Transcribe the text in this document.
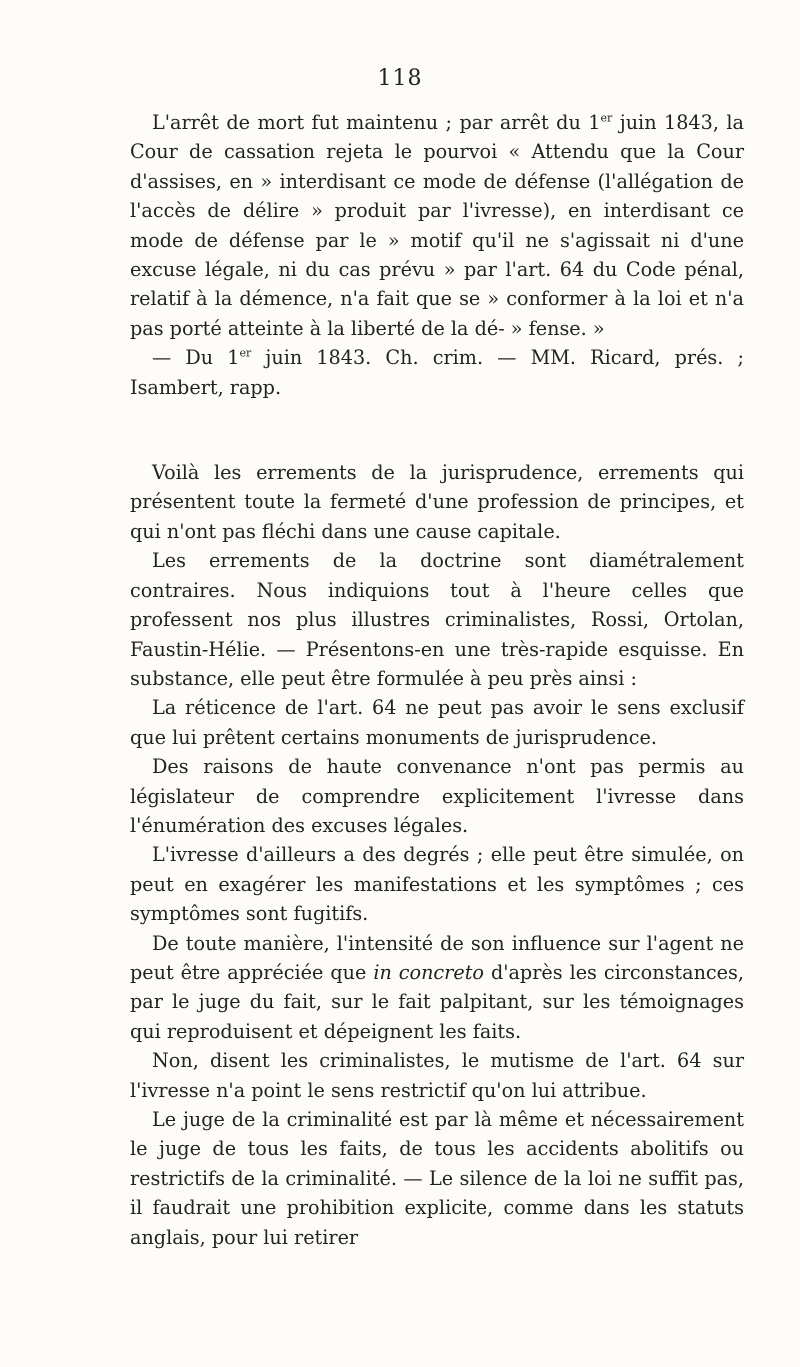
118

L'arrêt de mort fut maintenu ; par arrêt du 1er juin 1843, la Cour de cassation rejeta le pourvoi « Attendu que la Cour d'assises, en » interdisant ce mode de défense (l'allégation de l'accès de délire » produit par l'ivresse), en interdisant ce mode de défense par le » motif qu'il ne s'agissait ni d'une excuse légale, ni du cas prévu » par l'art. 64 du Code pénal, relatif à la démence, n'a fait que se » conformer à la loi et n'a pas porté atteinte à la liberté de la dé- » fense. »

— Du 1er juin 1843. Ch. crim. — MM. Ricard, prés. ; Isambert, rapp.

Voilà les errements de la jurisprudence, errements qui présentent toute la fermeté d'une profession de principes, et qui n'ont pas fléchi dans une cause capitale.

Les errements de la doctrine sont diamétralement contraires. Nous indiquions tout à l'heure celles que professent nos plus illustres criminalistes, Rossi, Ortolan, Faustin-Hélie. — Présentons-en une très-rapide esquisse. En substance, elle peut être formulée à peu près ainsi :

La réticence de l'art. 64 ne peut pas avoir le sens exclusif que lui prêtent certains monuments de jurisprudence.

Des raisons de haute convenance n'ont pas permis au législateur de comprendre explicitement l'ivresse dans l'énumération des excuses légales.

L'ivresse d'ailleurs a des degrés ; elle peut être simulée, on peut en exagérer les manifestations et les symptômes ; ces symptômes sont fugitifs.

De toute manière, l'intensité de son influence sur l'agent ne peut être appréciée que in concreto d'après les circonstances, par le juge du fait, sur le fait palpitant, sur les témoignages qui reproduisent et dépeignent les faits.

Non, disent les criminalistes, le mutisme de l'art. 64 sur l'ivresse n'a point le sens restrictif qu'on lui attribue.

Le juge de la criminalité est par là même et nécessairement le juge de tous les faits, de tous les accidents abolitifs ou restrictifs de la criminalité. — Le silence de la loi ne suffit pas, il faudrait une prohibition explicite, comme dans les statuts anglais, pour lui retirer
